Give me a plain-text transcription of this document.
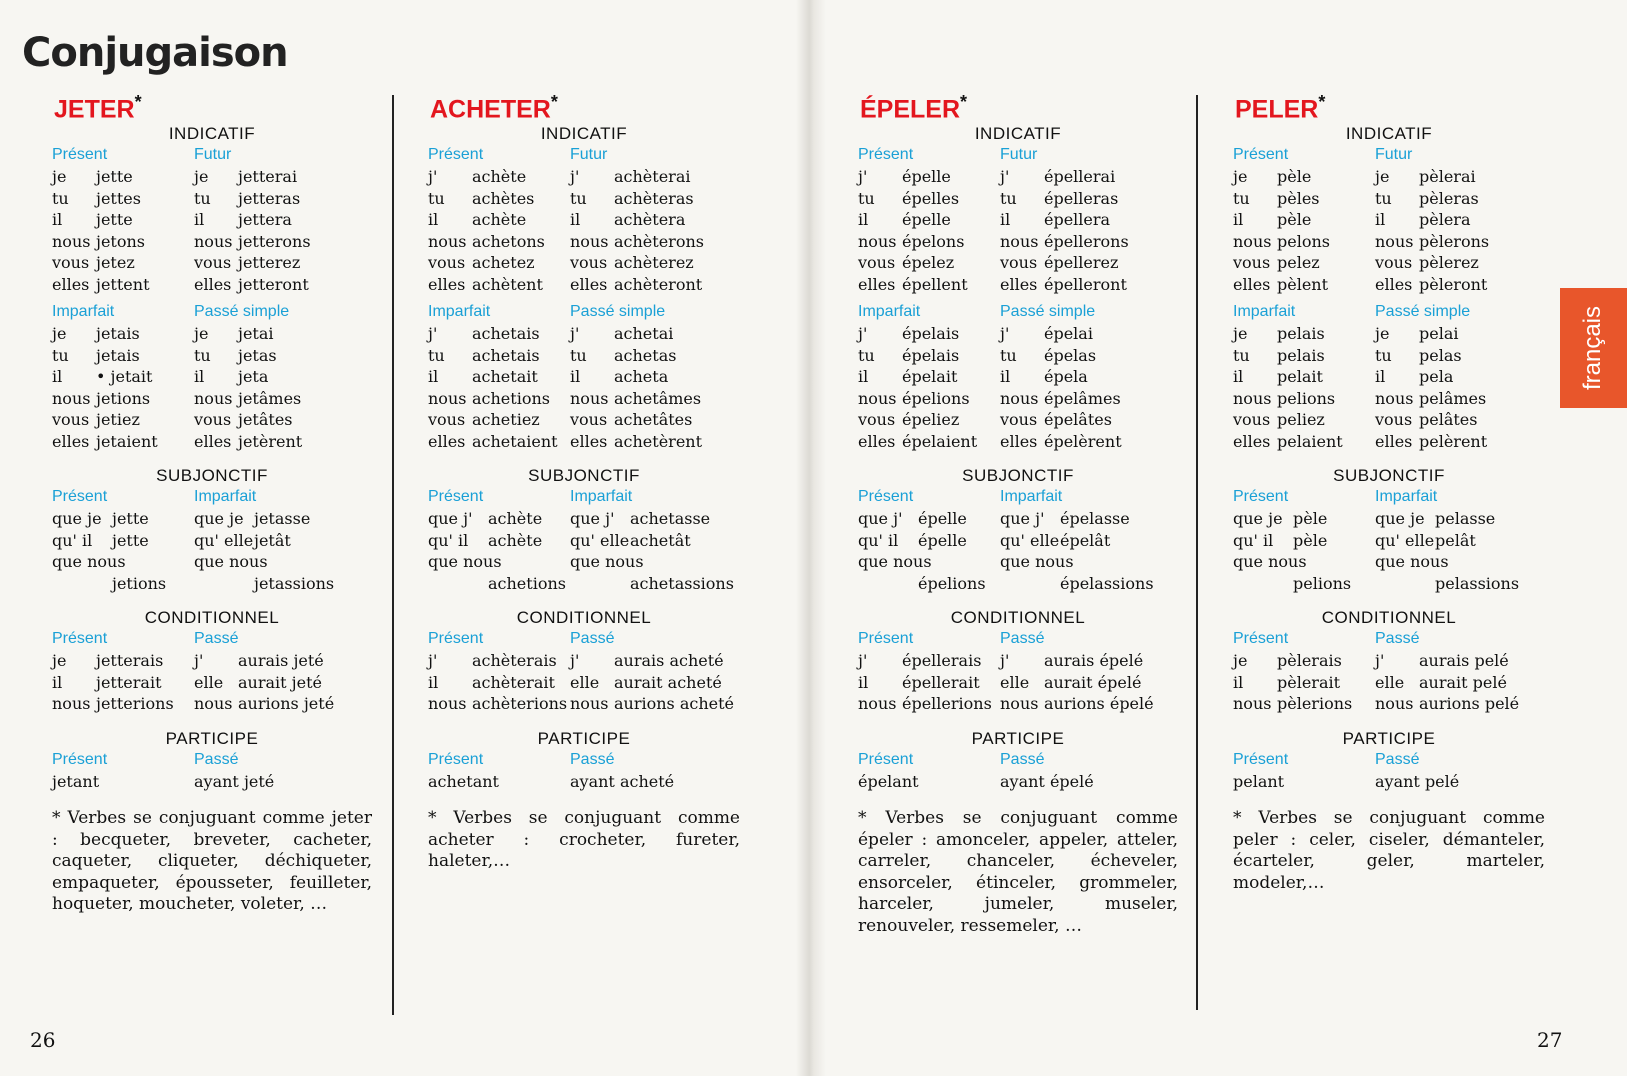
Conjugaison
JETER*
INDICATIF
Présent
je jette
tu jettes
il jette
nous jetons
vous jetez
elles jettent
Futur
je jetterai
tu jetteras
il jettera
nous jetterons
vous jetterez
elles jetteront
Imparfait
je jetais
tu jetais
il • jetait
nous jetions
vous jetiez
elles jetaient
Passé simple
je jetai
tu jetas
il jeta
nous jetâmes
vous jetâtes
elles jetèrent
SUBJONCTIF
Présent
que je jette
qu' il jette
que nous
jetions
Imparfait
que je jetasse
qu' ellejetât
que nous
jetassions
CONDITIONNEL
Présent
je jetterais
il jetterait
nous jetterions
Passé
j' aurais jeté
elle aurait jeté
nous aurions jeté
PARTICIPE
Présent
jetant
Passé
ayant jeté
* Verbes se conjuguant comme jeter : becqueter, breveter, cacheter, caqueter, cliqueter, déchiqueter, empaqueter, épousseter, feuilleter, hoqueter, moucheter, voleter, …
ACHETER*
INDICATIF
Présent
j' achète
tu achètes
il achète
nous achetons
vous achetez
elles achètent
Futur
j' achèterai
tu achèteras
il achètera
nous achèterons
vous achèterez
elles achèteront
Imparfait
j' achetais
tu achetais
il achetait
nous achetions
vous achetiez
elles achetaient
Passé simple
j' achetai
tu achetas
il acheta
nous achetâmes
vous achetâtes
elles achetèrent
SUBJONCTIF
Présent
que j' achète
qu' il achète
que nous
achetions
Imparfait
que j' achetasse
qu' elleachetât
que nous
achetassions
CONDITIONNEL
Présent
j' achèterais
il achèterait
nous achèterions
Passé
j' aurais acheté
elle aurait acheté
nous aurions acheté
PARTICIPE
Présent
achetant
Passé
ayant acheté
* Verbes se conjuguant comme acheter : crocheter, fureter, haleter,…
ÉPELER*
INDICATIF
Présent
j' épelle
tu épelles
il épelle
nous épelons
vous épelez
elles épellent
Futur
j' épellerai
tu épelleras
il épellera
nous épellerons
vous épellerez
elles épelleront
Imparfait
j' épelais
tu épelais
il épelait
nous épelions
vous épeliez
elles épelaient
Passé simple
j' épelai
tu épelas
il épela
nous épelâmes
vous épelâtes
elles épelèrent
SUBJONCTIF
Présent
que j' épelle
qu' il épelle
que nous
épelions
Imparfait
que j' épelasse
qu' elleépelât
que nous
épelassions
CONDITIONNEL
Présent
j' épellerais
il épellerait
nous épellerions
Passé
j' aurais épelé
elle aurait épelé
nous aurions épelé
PARTICIPE
Présent
épelant
Passé
ayant épelé
* Verbes se conjuguant comme épeler : amonceler, appeler, atteler, carreler, chanceler, écheveler, ensorceler, étinceler, grommeler, harceler, jumeler, museler, renouveler, ressemeler, …
PELER*
INDICATIF
Présent
je pèle
tu pèles
il pèle
nous pelons
vous pelez
elles pèlent
Futur
je pèlerai
tu pèleras
il pèlera
nous pèlerons
vous pèlerez
elles pèleront
Imparfait
je pelais
tu pelais
il pelait
nous pelions
vous peliez
elles pelaient
Passé simple
je pelai
tu pelas
il pela
nous pelâmes
vous pelâtes
elles pelèrent
SUBJONCTIF
Présent
que je pèle
qu' il pèle
que nous
pelions
Imparfait
que je pelasse
qu' ellepelât
que nous
pelassions
CONDITIONNEL
Présent
je pèlerais
il pèlerait
nous pèlerions
Passé
j' aurais pelé
elle aurait pelé
nous aurions pelé
PARTICIPE
Présent
pelant
Passé
ayant pelé
* Verbes se conjuguant comme peler : celer, ciseler, démanteler, écarteler, geler, marteler, modeler,…
26	27
français
